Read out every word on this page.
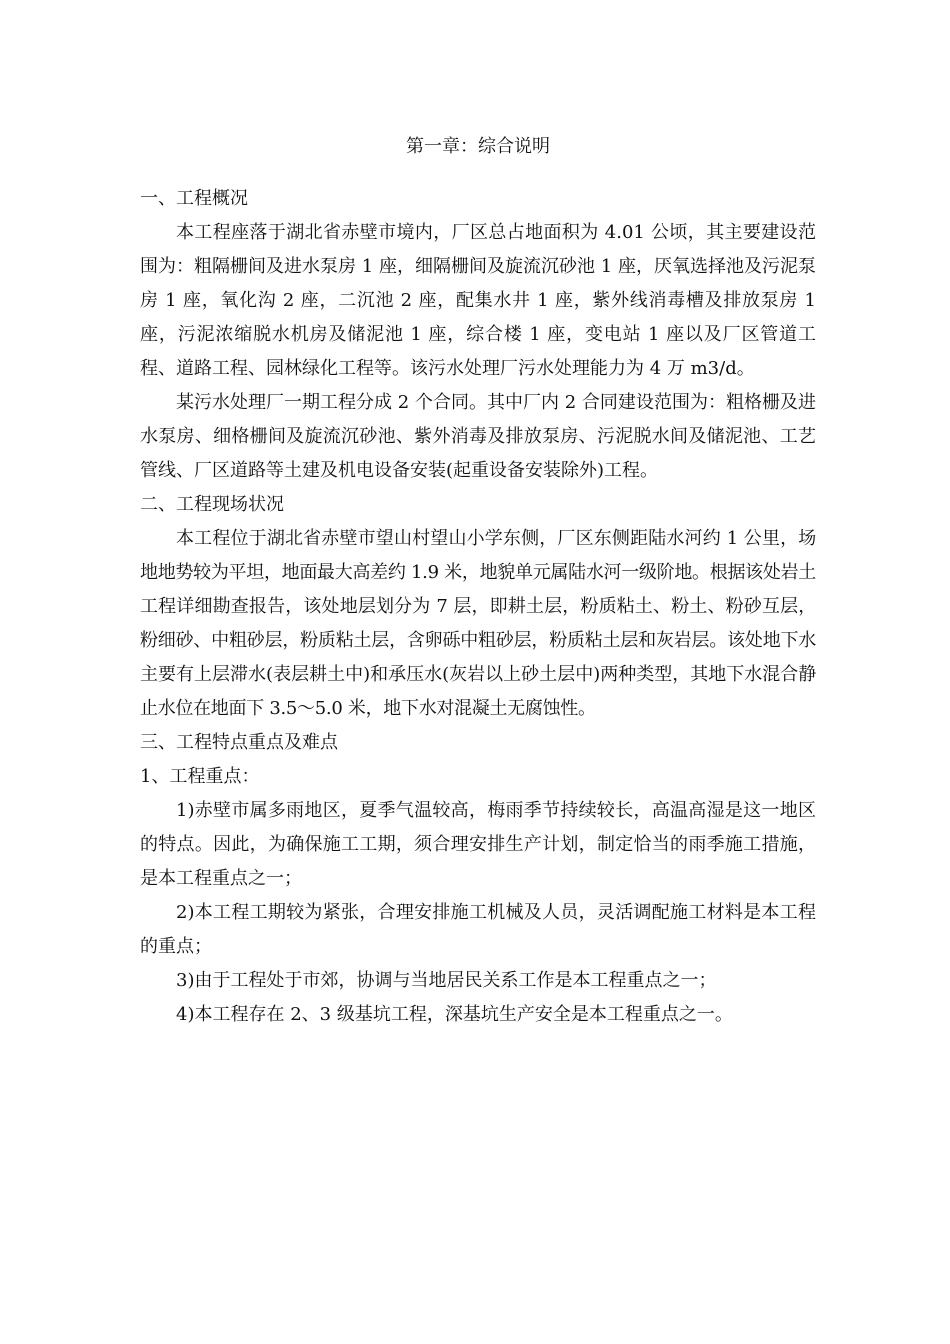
第一章：综合说明
一、工程概况

本工程座落于湖北省赤壁市境内，厂区总占地面积为 4.01 公顷，其主要建设范围为：粗隔栅间及进水泵房 1 座，细隔栅间及旋流沉砂池 1 座，厌氧选择池及污泥泵房 1 座，氧化沟 2 座，二沉池 2 座，配集水井 1 座，紫外线消毒槽及排放泵房 1 座，污泥浓缩脱水机房及储泥池 1 座，综合楼 1 座，变电站 1 座以及厂区管道工程、道路工程、园林绿化工程等。该污水处理厂污水处理能力为 4 万 m3/d。

某污水处理厂一期工程分成 2 个合同。其中厂内 2 合同建设范围为：粗格栅及进水泵房、细格栅间及旋流沉砂池、紫外消毒及排放泵房、污泥脱水间及储泥池、工艺管线、厂区道路等土建及机电设备安装(起重设备安装除外)工程。

二、工程现场状况

本工程位于湖北省赤壁市望山村望山小学东侧，厂区东侧距陆水河约 1 公里，场地地势较为平坦，地面最大高差约 1.9 米，地貌单元属陆水河一级阶地。根据该处岩土工程详细勘查报告，该处地层划分为 7 层，即耕土层，粉质粘土、粉土、粉砂互层，粉细砂、中粗砂层，粉质粘土层，含卵砾中粗砂层，粉质粘土层和灰岩层。该处地下水主要有上层滞水(表层耕土中)和承压水(灰岩以上砂土层中)两种类型，其地下水混合静止水位在地面下 3.5～5.0 米，地下水对混凝土无腐蚀性。

三、工程特点重点及难点
1、工程重点：

1)赤壁市属多雨地区，夏季气温较高，梅雨季节持续较长，高温高湿是这一地区的特点。因此，为确保施工工期，须合理安排生产计划，制定恰当的雨季施工措施，是本工程重点之一；

2)本工程工期较为紧张，合理安排施工机械及人员，灵活调配施工材料是本工程的重点；

3)由于工程处于市郊，协调与当地居民关系工作是本工程重点之一；

4)本工程存在 2、3 级基坑工程，深基坑生产安全是本工程重点之一。
